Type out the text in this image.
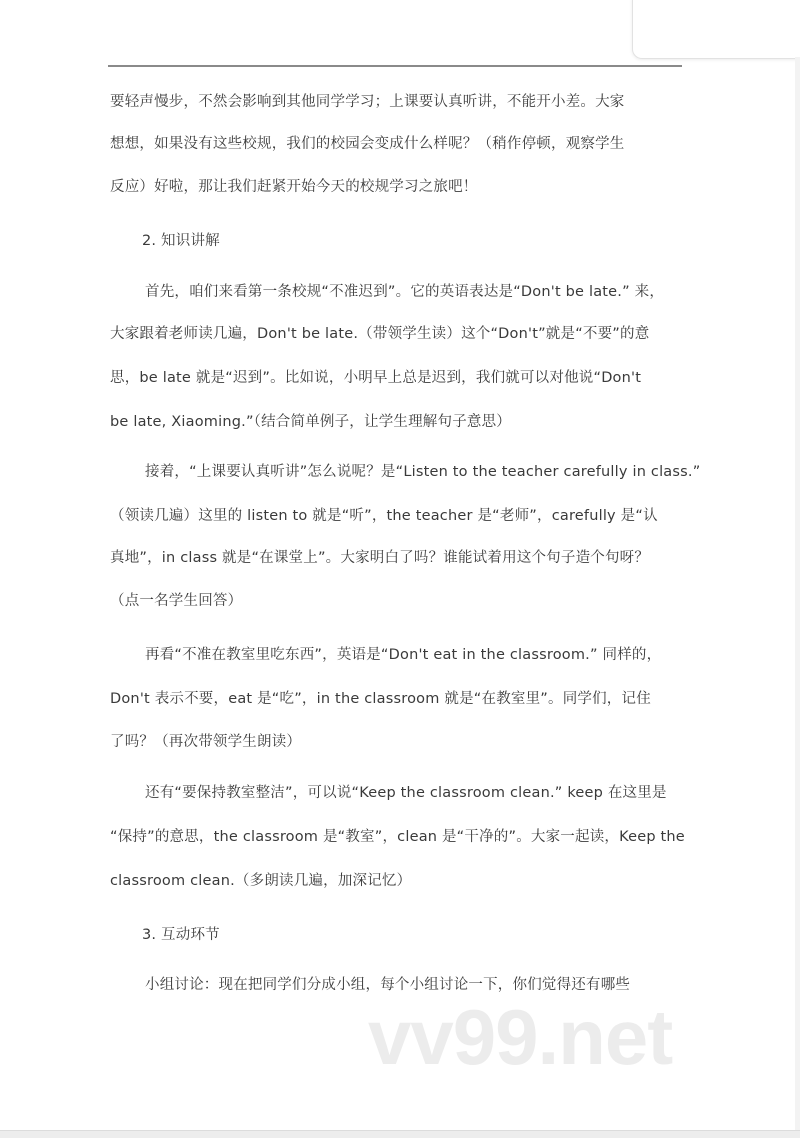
要轻声慢步，不然会影响到其他同学学习；上课要认真听讲，不能开小差。大家
想想，如果没有这些校规，我们的校园会变成什么样呢？（稍作停顿，观察学生
反应）好啦，那让我们赶紧开始今天的校规学习之旅吧！
2. 知识讲解
首先，咱们来看第一条校规“不准迟到”。它的英语表达是“Don't be late.” 来，
大家跟着老师读几遍，Don't be late.（带领学生读）这个“Don't”就是“不要”的意
思，be late 就是“迟到”。比如说，小明早上总是迟到，我们就可以对他说“Don't
be late, Xiaoming.”（结合简单例子，让学生理解句子意思）
接着，“上课要认真听讲”怎么说呢？是“Listen to the teacher carefully in class.”
（领读几遍）这里的 listen to 就是“听”，the teacher 是“老师”，carefully 是“认
真地”，in class 就是“在课堂上”。大家明白了吗？谁能试着用这个句子造个句呀？
（点一名学生回答）
再看“不准在教室里吃东西”，英语是“Don't eat in the classroom.” 同样的，
Don't 表示不要，eat 是“吃”，in the classroom 就是“在教室里”。同学们，记住
了吗？（再次带领学生朗读）
还有“要保持教室整洁”，可以说“Keep the classroom clean.” keep 在这里是
“保持”的意思，the classroom 是“教室”，clean 是“干净的”。大家一起读，Keep the
classroom clean.（多朗读几遍，加深记忆）
3. 互动环节
小组讨论：现在把同学们分成小组，每个小组讨论一下，你们觉得还有哪些
vv99.net
